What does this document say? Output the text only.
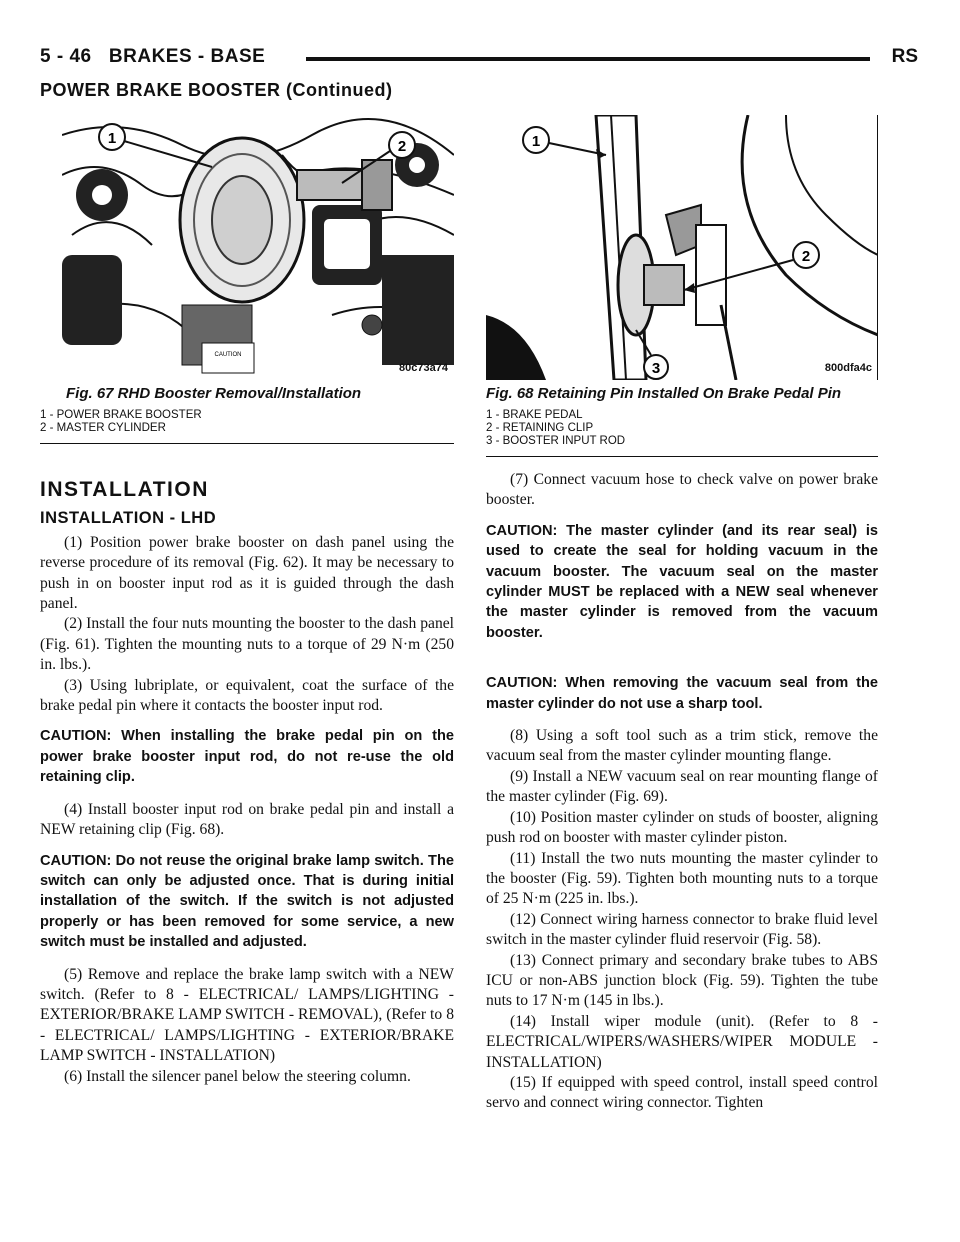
5 - 46   BRAKES - BASE	RS
POWER BRAKE BOOSTER (Continued)
CAUTION
1	2
80c73a74
1
2
3	800dfa4c
Fig. 67 RHD Booster Removal/Installation
1 - POWER BRAKE BOOSTER
2 - MASTER CYLINDER
Fig. 68 Retaining Pin Installed On Brake Pedal Pin
1 - BRAKE PEDAL
2 - RETAINING CLIP
3 - BOOSTER INPUT ROD
INSTALLATION
INSTALLATION - LHD

(1) Position power brake booster on dash panel using the reverse procedure of its removal (Fig. 62). It may be necessary to push in on booster input rod as it is guided through the dash panel.

(2) Install the four nuts mounting the booster to the dash panel (Fig. 61). Tighten the mounting nuts to a torque of 29 N·m (250 in. lbs.).

(3) Using lubriplate, or equivalent, coat the surface of the brake pedal pin where it contacts the booster input rod.

CAUTION: When installing the brake pedal pin on the power brake booster input rod, do not re-use the old retaining clip.

(4) Install booster input rod on brake pedal pin and install a NEW retaining clip (Fig. 68).

CAUTION: Do not reuse the original brake lamp switch. The switch can only be adjusted once. That is during initial installation of the switch. If the switch is not adjusted properly or has been removed for some service, a new switch must be installed and adjusted.

(5) Remove and replace the brake lamp switch with a NEW switch. (Refer to 8 - ELECTRICAL/ LAMPS/LIGHTING - EXTERIOR/BRAKE LAMP SWITCH - REMOVAL), (Refer to 8 - ELECTRICAL/ LAMPS/LIGHTING - EXTERIOR/BRAKE LAMP SWITCH - INSTALLATION)

(6) Install the silencer panel below the steering column.

(7) Connect vacuum hose to check valve on power brake booster.

CAUTION: The master cylinder (and its rear seal) is used to create the seal for holding vacuum in the vacuum booster. The vacuum seal on the master cylinder MUST be replaced with a NEW seal whenever the master cylinder is removed from the vacuum booster.

CAUTION: When removing the vacuum seal from the master cylinder do not use a sharp tool.

(8) Using a soft tool such as a trim stick, remove the vacuum seal from the master cylinder mounting flange.

(9) Install a NEW vacuum seal on rear mounting flange of the master cylinder (Fig. 69).

(10) Position master cylinder on studs of booster, aligning push rod on booster with master cylinder piston.

(11) Install the two nuts mounting the master cylinder to the booster (Fig. 59). Tighten both mounting nuts to a torque of 25 N·m (225 in. lbs.).

(12) Connect wiring harness connector to brake fluid level switch in the master cylinder fluid reservoir (Fig. 58).

(13) Connect primary and secondary brake tubes to ABS ICU or non-ABS junction block (Fig. 59). Tighten the tube nuts to 17 N·m (145 in lbs.).

(14) Install wiper module (unit). (Refer to 8 - ELECTRICAL/WIPERS/WASHERS/WIPER MODULE - INSTALLATION)

(15) If equipped with speed control, install speed control servo and connect wiring connector. Tighten
